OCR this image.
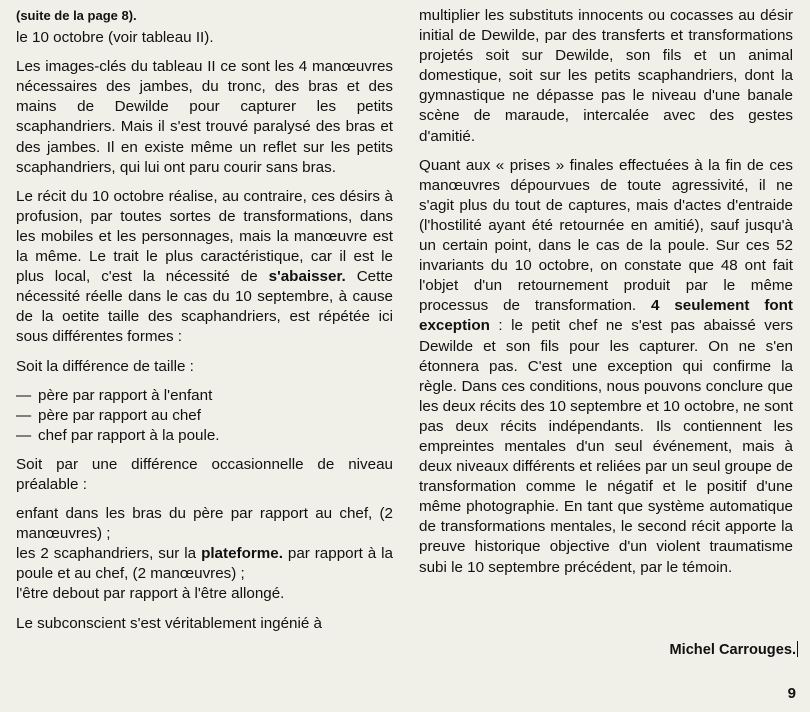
(suite de la page 8).

le 10 octobre (voir tableau II).

Les images-clés du tableau II ce sont les 4 manœuvres nécessaires des jambes, du tronc, des bras et des mains de Dewilde pour capturer les petits scaphandriers. Mais il s'est trouvé paralysé des bras et des jambes. Il en existe même un reflet sur les petits scaphandriers, qui lui ont paru courir sans bras.

Le récit du 10 octobre réalise, au contraire, ces désirs à profusion, par toutes sortes de transformations, dans les mobiles et les personnages, mais la manœuvre est la même. Le trait le plus caractéristique, car il est le plus local, c'est la nécessité de s'abaisser. Cette nécessité réelle dans le cas du 10 septembre, à cause de la oetite taille des scaphandriers, est répétée ici sous différentes formes :

Soit la différence de taille :

— père par rapport à l'enfant
— père par rapport au chef
— chef par rapport à la poule.

Soit par une différence occasionnelle de niveau préalable :

enfant dans les bras du père par rapport au chef, (2 manœuvres) ;
les 2 scaphandriers, sur la plateforme. par rapport à la poule et au chef, (2 manœuvres) ;
l'être debout par rapport à l'être allongé.

Le subconscient s'est véritablement ingénié à

multiplier les substituts innocents ou cocasses au désir initial de Dewilde, par des transferts et transformations projetés soit sur Dewilde, son fils et un animal domestique, soit sur les petits scaphandriers, dont la gymnastique ne dépasse pas le niveau d'une banale scène de maraude, intercalée avec des gestes d'amitié.

Quant aux « prises » finales effectuées à la fin de ces manœuvres dépourvues de toute agressivité, il ne s'agit plus du tout de captures, mais d'actes d'entraide (l'hostilité ayant été retournée en amitié), sauf jusqu'à un certain point, dans le cas de la poule. Sur ces 52 invariants du 10 octobre, on constate que 48 ont fait l'objet d'un retournement produit par le même processus de transformation. 4 seulement font exception : le petit chef ne s'est pas abaissé vers Dewilde et son fils pour les capturer. On ne s'en étonnera pas. C'est une exception qui confirme la règle. Dans ces conditions, nous pouvons conclure que les deux récits des 10 septembre et 10 octobre, ne sont pas deux récits indépendants. Ils contiennent les empreintes mentales d'un seul événement, mais à deux niveaux différents et reliées par un seul groupe de transformation comme le négatif et le positif d'une même photographie. En tant que système automatique de transformations mentales, le second récit apporte la preuve historique objective d'un violent traumatisme subi le 10 septembre précédent, par le témoin.

Michel Carrouges.
9
